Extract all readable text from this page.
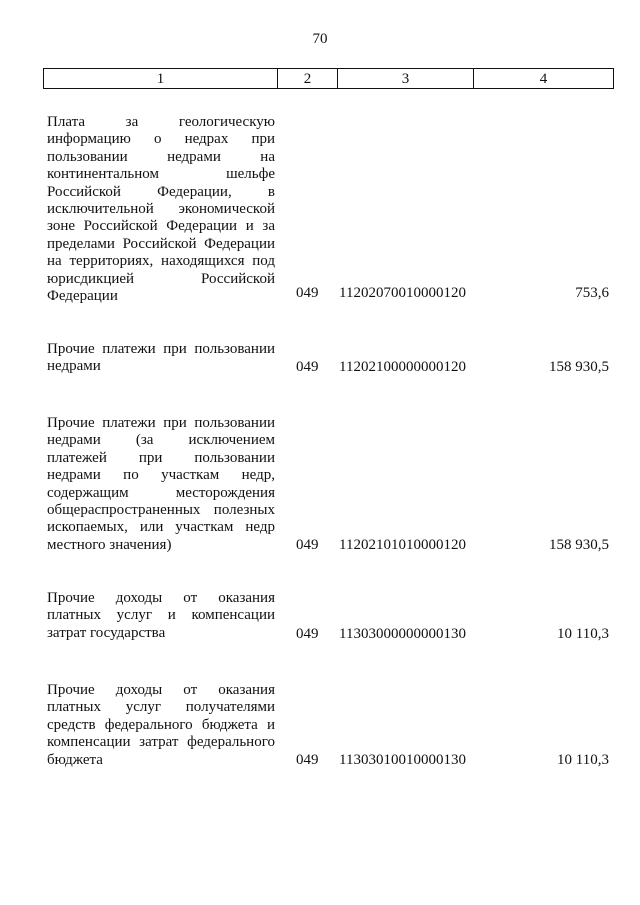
70
1	2	3	4
Плата за геологическую информацию о недрах при пользовании недрами на континентальном шельфе Российской Федерации, в исключительной экономической зоне Российской Федерации и за пределами Российской Федерации на территориях, находящихся под юрисдикцией Российской Федерации	049 11202070010000120	753,6
Прочие платежи при пользовании недрами	049 11202100000000120	158 930,5
Прочие платежи при пользовании недрами (за исключением платежей при пользовании недрами по участкам недр, содержащим месторождения общераспространенных полезных ископаемых, или участкам недр местного значения)	049 11202101010000120	158 930,5
Прочие доходы от оказания платных услуг и компенсации затрат государства	049 11303000000000130	10 110,3
Прочие доходы от оказания платных услуг получателями средств федерального бюджета и компенсации затрат федерального бюджета	049 11303010010000130	10 110,3
